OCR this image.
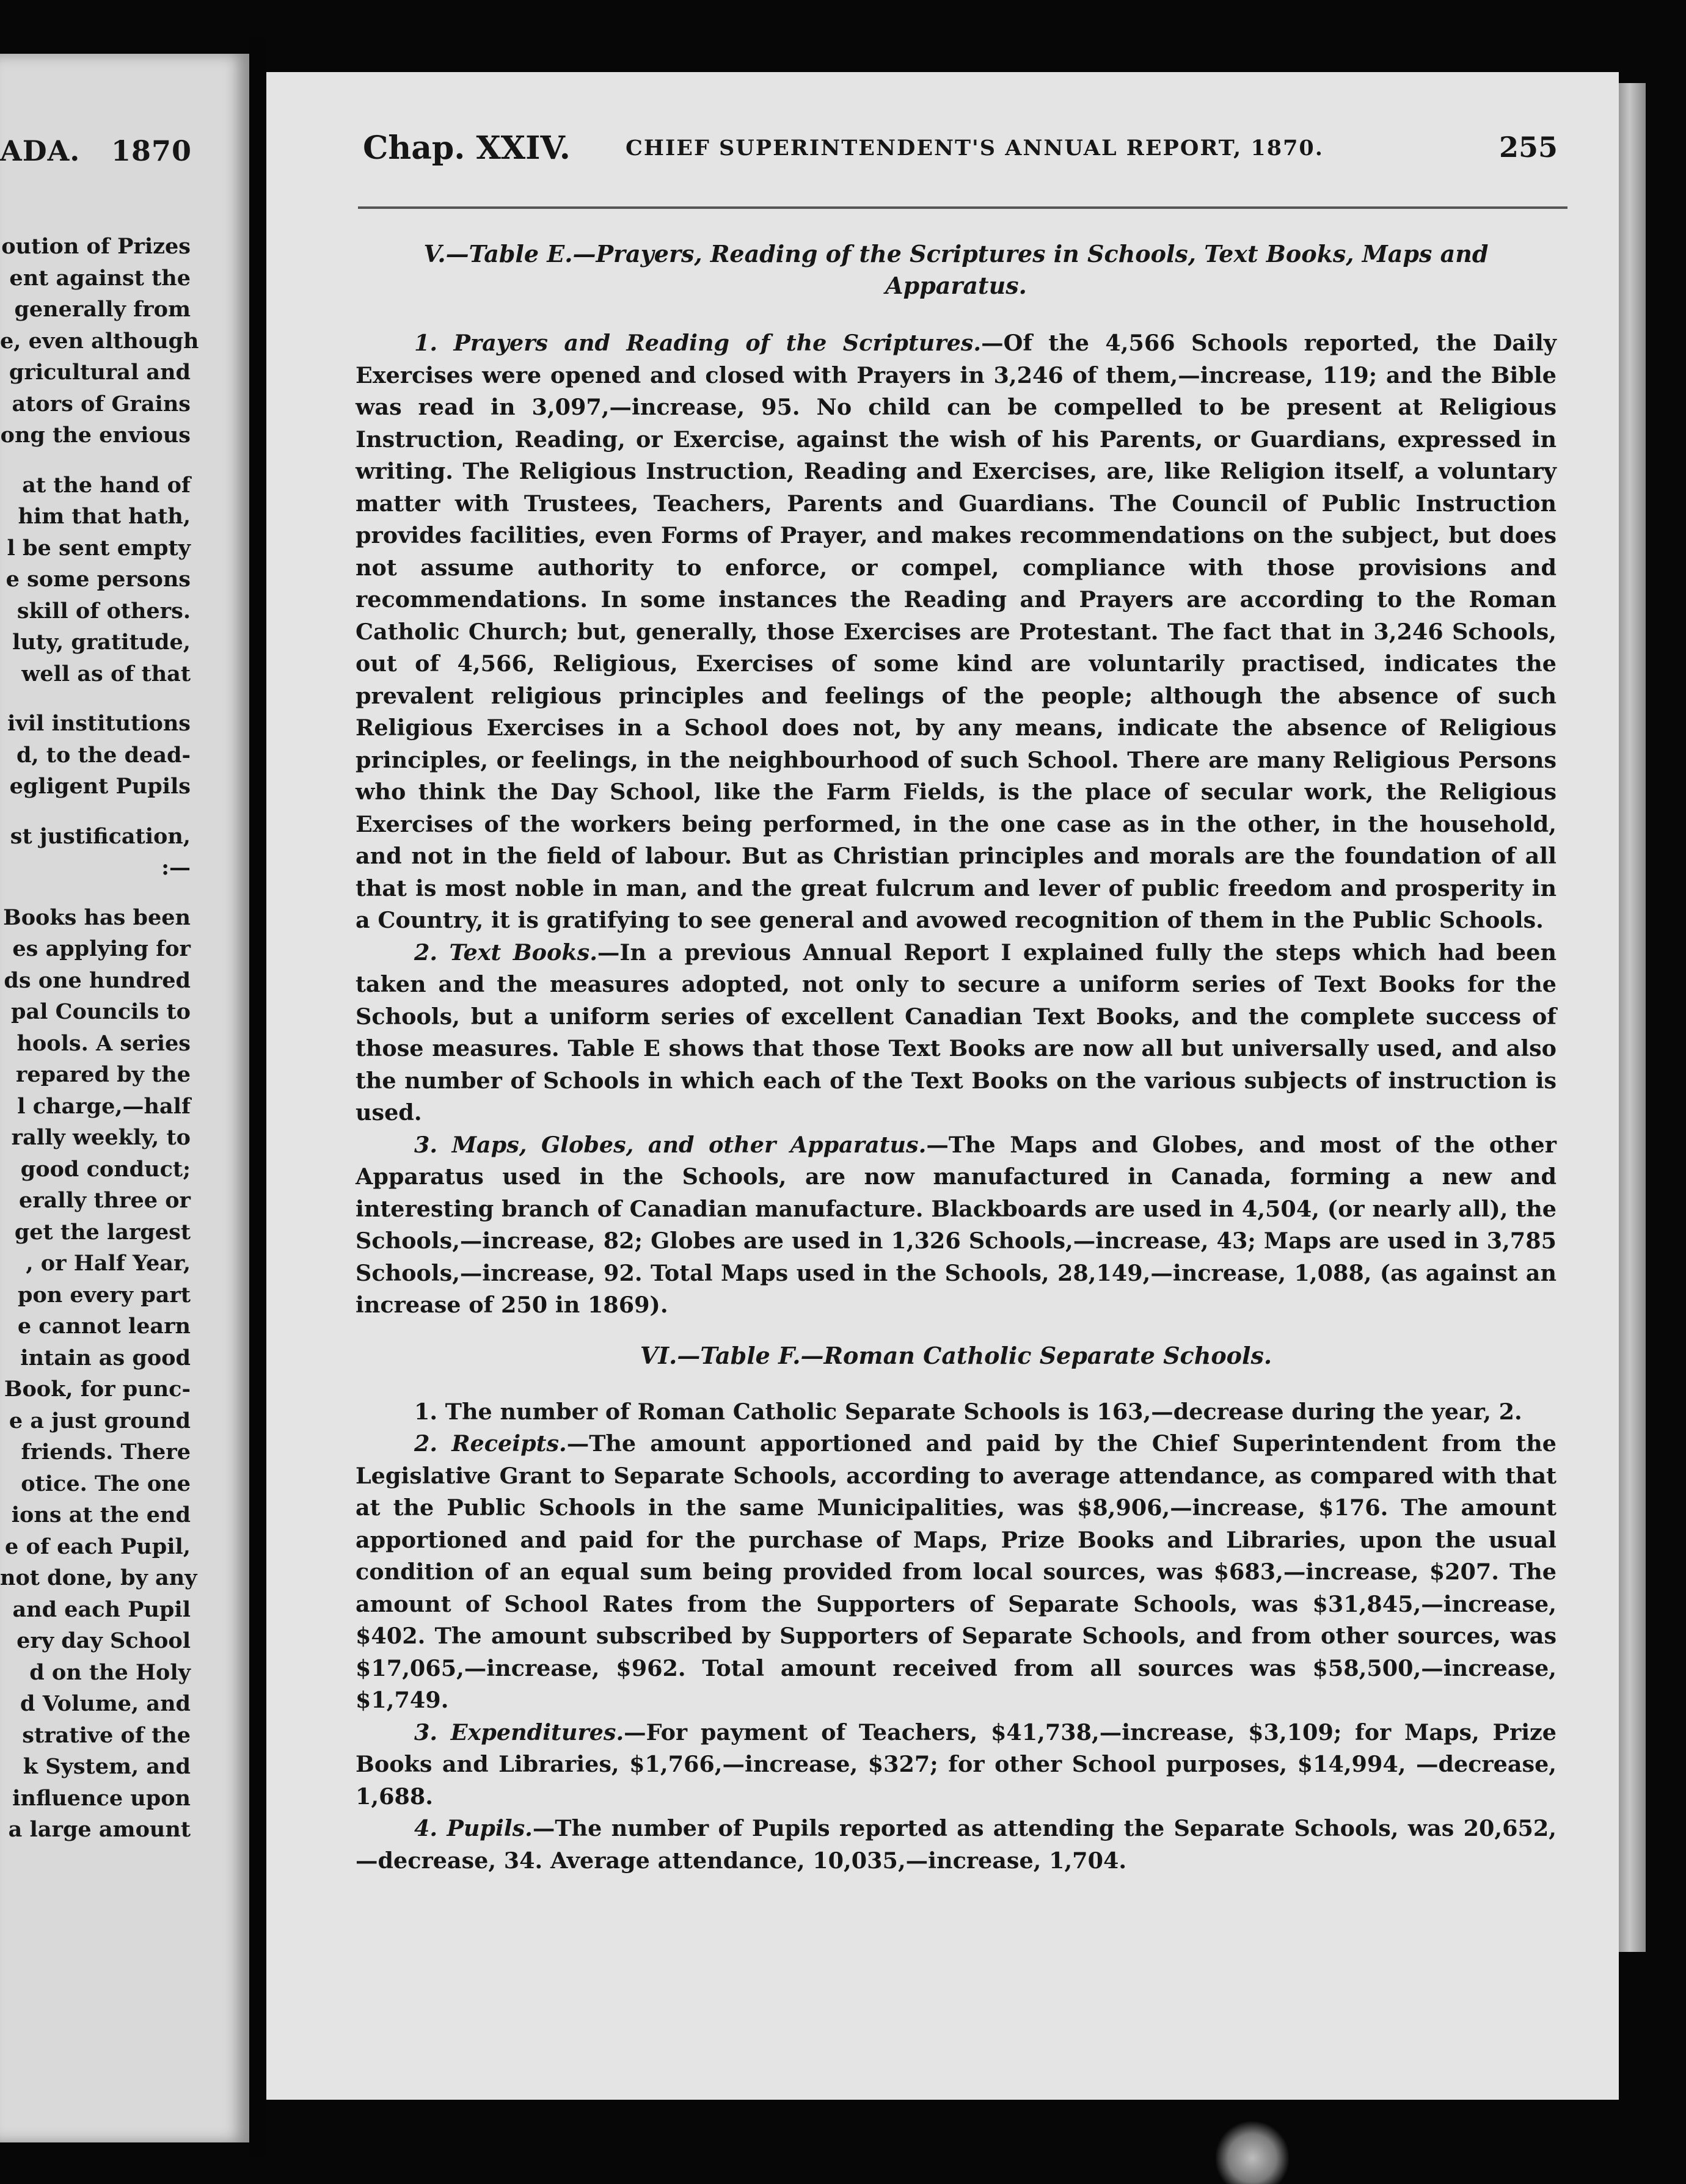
ADA. 1870
oution of Prizes
ent against the
generally from
e, even although
gricultural and
ators of Grains
ong the envious
at the hand of
him that hath,
l be sent empty
e some persons
skill of others.
luty, gratitude,
well as of that
ivil institutions
d, to the dead-
egligent Pupils
st justification,
:—
Books has been
es applying for
ds one hundred
pal Councils to
hools. A series
repared by the
l charge,—half
rally weekly, to
good conduct;
erally three or
get the largest
, or Half Year,
pon every part
e cannot learn
intain as good
Book, for punc-
e a just ground
friends. There
otice. The one
ions at the end
e of each Pupil,
not done, by any
and each Pupil
ery day School
d on the Holy
d Volume, and
strative of the
k System, and
influence upon
a large amount
Chap. XXIV.	CHIEF SUPERINTENDENT'S ANNUAL REPORT, 1870.	255
V.—Table E.—Prayers, Reading of the Scriptures in Schools, Text Books, Maps and
Apparatus.

1. Prayers and Reading of the Scriptures.—Of the 4,566 Schools reported, the Daily Exercises were opened and closed with Prayers in 3,246 of them,—increase, 119; and the Bible was read in 3,097,—increase, 95. No child can be compelled to be present at Religious Instruction, Reading, or Exercise, against the wish of his Parents, or Guardians, expressed in writing. The Religious Instruction, Reading and Exercises, are, like Religion itself, a voluntary matter with Trustees, Teachers, Parents and Guardians. The Council of Public Instruction provides facilities, even Forms of Prayer, and makes recommendations on the subject, but does not assume authority to enforce, or compel, compliance with those provisions and recommendations. In some instances the Reading and Prayers are according to the Roman Catholic Church; but, generally, those Exercises are Protestant. The fact that in 3,246 Schools, out of 4,566, Religious, Exercises of some kind are voluntarily practised, indicates the prevalent religious principles and feelings of the people; although the absence of such Religious Exercises in a School does not, by any means, indicate the absence of Religious principles, or feelings, in the neighbourhood of such School. There are many Religious Persons who think the Day School, like the Farm Fields, is the place of secular work, the Religious Exercises of the workers being performed, in the one case as in the other, in the household, and not in the field of labour. But as Christian principles and morals are the foundation of all that is most noble in man, and the great fulcrum and lever of public freedom and prosperity in a Country, it is gratifying to see general and avowed recognition of them in the Public Schools.

2. Text Books.—In a previous Annual Report I explained fully the steps which had been taken and the measures adopted, not only to secure a uniform series of Text Books for the Schools, but a uniform series of excellent Canadian Text Books, and the complete success of those measures. Table E shows that those Text Books are now all but universally used, and also the number of Schools in which each of the Text Books on the various subjects of instruction is used.

3. Maps, Globes, and other Apparatus.—The Maps and Globes, and most of the other Apparatus used in the Schools, are now manufactured in Canada, forming a new and interesting branch of Canadian manufacture. Blackboards are used in 4,504, (or nearly all), the Schools,—increase, 82; Globes are used in 1,326 Schools,—increase, 43; Maps are used in 3,785 Schools,—increase, 92. Total Maps used in the Schools, 28,149,—increase, 1,088, (as against an increase of 250 in 1869).

VI.—Table F.—Roman Catholic Separate Schools.

1. The number of Roman Catholic Separate Schools is 163,—decrease during the year, 2.

2. Receipts.—The amount apportioned and paid by the Chief Superintendent from the Legislative Grant to Separate Schools, according to average attendance, as compared with that at the Public Schools in the same Municipalities, was $8,906,—increase, $176. The amount apportioned and paid for the purchase of Maps, Prize Books and Libraries, upon the usual condition of an equal sum being provided from local sources, was $683,—increase, $207. The amount of School Rates from the Supporters of Separate Schools, was $31,845,—increase, $402. The amount subscribed by Supporters of Separate Schools, and from other sources, was $17,065,—increase, $962. Total amount received from all sources was $58,500,—increase, $1,749.

3. Expenditures.—For payment of Teachers, $41,738,—increase, $3,109; for Maps, Prize Books and Libraries, $1,766,—increase, $327; for other School purposes, $14,994, —decrease, 1,688.

4. Pupils.—The number of Pupils reported as attending the Separate Schools, was 20,652,—decrease, 34. Average attendance, 10,035,—increase, 1,704.
